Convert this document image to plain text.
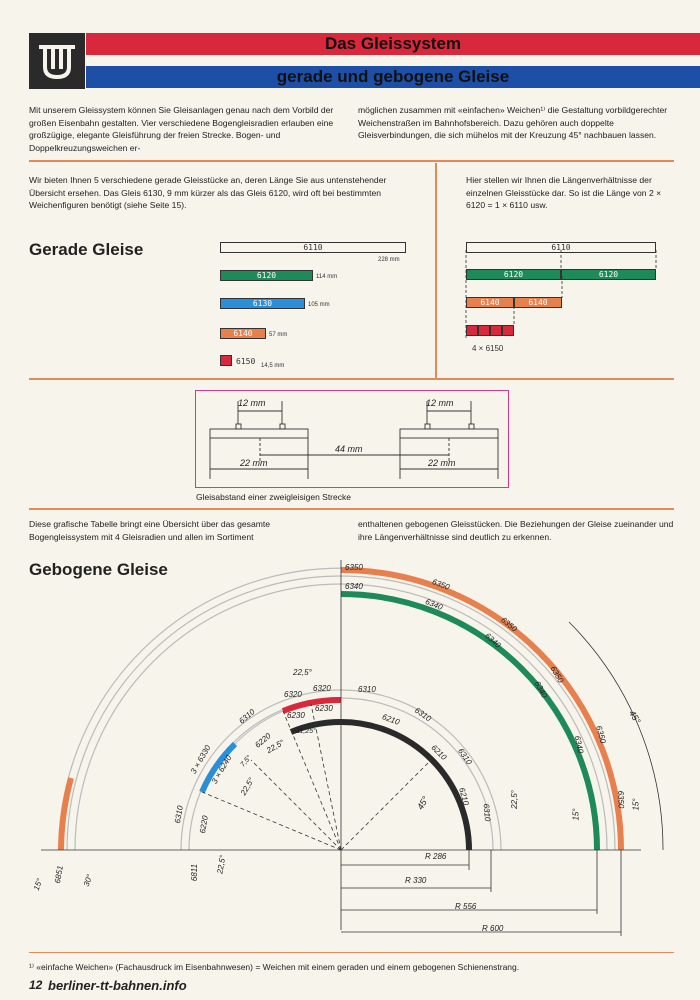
Das Gleissystem
gerade und gebogene Gleise
Mit unserem Gleissystem können Sie Gleisanlagen genau nach dem Vorbild der großen Eisenbahn gestalten. Vier verschiedene Bogengleisradien erlauben eine großzügige, elegante Gleisführung der freien Strecke. Bogen- und Doppelkreuzungsweichen er-
möglichen zusammen mit «einfachen» Weichen¹⁾ die Gestaltung vorbildgerechter Weichenstraßen im Bahnhofsbereich. Dazu gehören auch doppelte Gleisverbindungen, die sich mühelos mit der Kreuzung 45° nachbauen lassen.
Wir bieten Ihnen 5 verschiedene gerade Gleisstücke an, deren Länge Sie aus untenstehender Übersicht ersehen. Das Gleis 6130, 9 mm kürzer als das Gleis 6120, wird oft bei bestimmten Weichenfiguren benötigt (siehe Seite 15).
Hier stellen wir Ihnen die Längenverhältnisse der einzelnen Gleisstücke dar. So ist die Länge von 2 × 6120 = 1 × 6110 usw.
Gerade Gleise	6110
228 mm
6120	114 mm
6130	105 mm
6140	57 mm
6150 14,5 mm
6110
6120	6120
6140	6140
4 × 6150
12 mm	12 mm
44 mm
22 mm	22 mm
Gleisabstand einer zweigleisigen Strecke
Diese grafische Tabelle bringt eine Übersicht über das gesamte Bogengleissystem mit 4 Gleisradien und allen im Sortiment
enthaltenen gebogenen Gleisstücken. Die Beziehungen der Gleise zueinander und ihre Längenverhältnisse sind deutlich zu erkennen.
Gebogene Gleise
R 286
R 330
R 556
R 600
6350
6350
6350
6350
6350
6350
6340
6340
6340
6340
6340
6310
6310
6310
6310
6210
6210
6210
6320
6320
6230
6230
6220
6310
6310
6220
3 × 6330
3 × 6240
6811
6851
45°	22,5°
15°
45°
15°
22,5°
15°	30°
22,5°
11,25°
7,5°
22,5°
22,5°
¹⁾ «einfache Weichen» (Fachausdruck im Eisenbahnwesen) = Weichen mit einem geraden und einem gebogenen Schienenstrang.
12 berliner-tt-bahnen.info
